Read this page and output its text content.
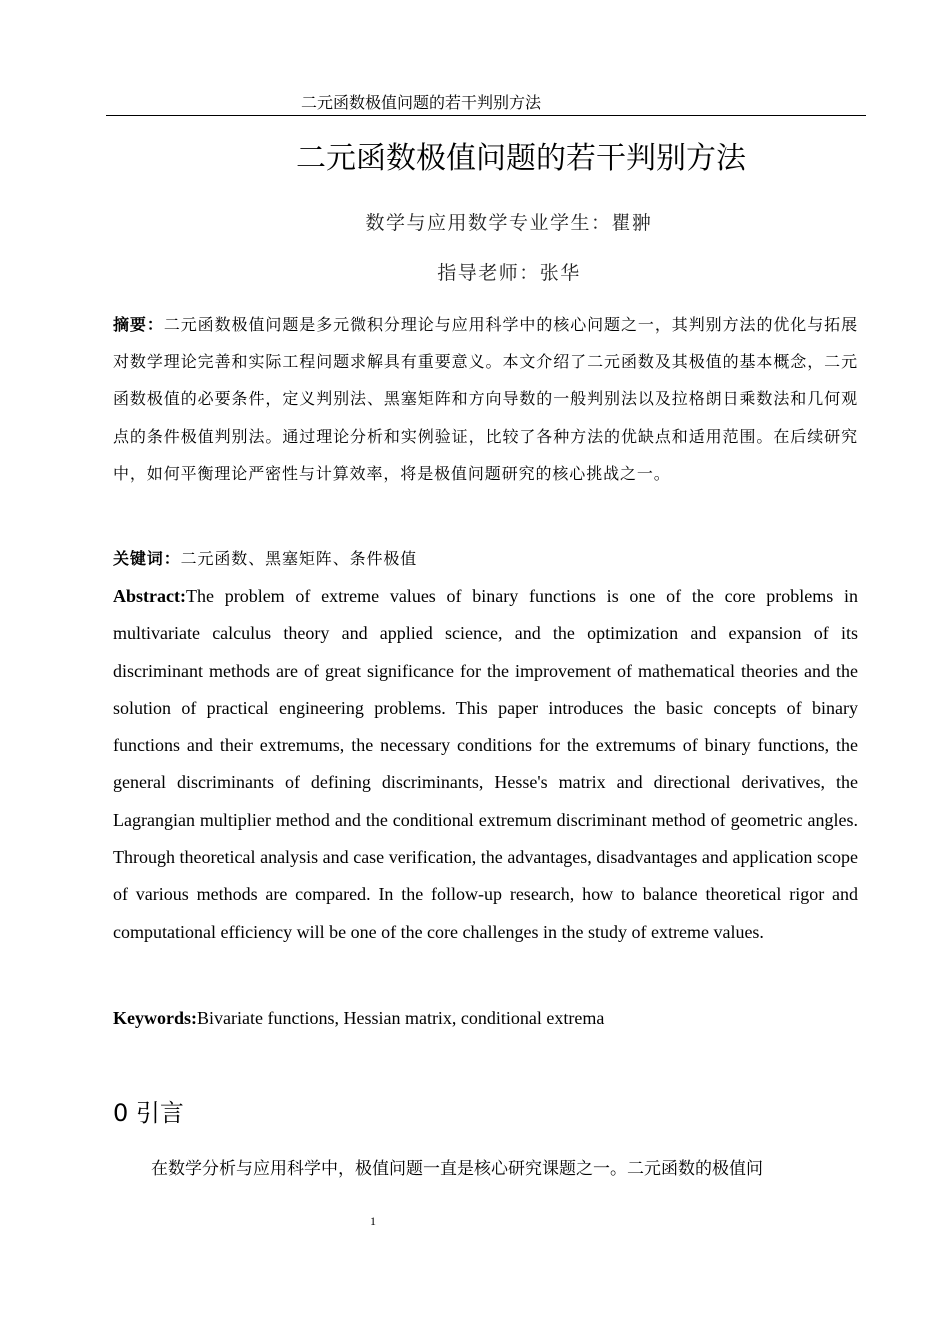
二元函数极值问题的若干判别方法
二元函数极值问题的若干判别方法
数学与应用数学专业学生：瞿翀
指导老师：张华
摘要：二元函数极值问题是多元微积分理论与应用科学中的核心问题之一，其判别方法的优化与拓展对数学理论完善和实际工程问题求解具有重要意义。本文介绍了二元函数及其极值的基本概念，二元函数极值的必要条件，定义判别法、黑塞矩阵和方向导数的一般判别法以及拉格朗日乘数法和几何观点的条件极值判别法。通过理论分析和实例验证，比较了各种方法的优缺点和适用范围。在后续研究中，如何平衡理论严密性与计算效率，将是极值问题研究的核心挑战之一。
关键词：二元函数、黑塞矩阵、条件极值
Abstract:The problem of extreme values of binary functions is one of the core problems in multivariate calculus theory and applied science, and the optimization and expansion of its discriminant methods are of great significance for the improvement of mathematical theories and the solution of practical engineering problems. This paper introduces the basic concepts of binary functions and their extremums, the necessary conditions for the extremums of binary functions, the general discriminants of defining discriminants, Hesse's matrix and directional derivatives, the Lagrangian multiplier method and the conditional extremum discriminant method of geometric angles. Through theoretical analysis and case verification, the advantages, disadvantages and application scope of various methods are compared. In the follow-up research, how to balance theoretical rigor and computational efficiency will be one of the core challenges in the study of extreme values.
Keywords:Bivariate functions, Hessian matrix, conditional extrema
0 引言
在数学分析与应用科学中，极值问题一直是核心研究课题之一。二元函数的极值问
1
